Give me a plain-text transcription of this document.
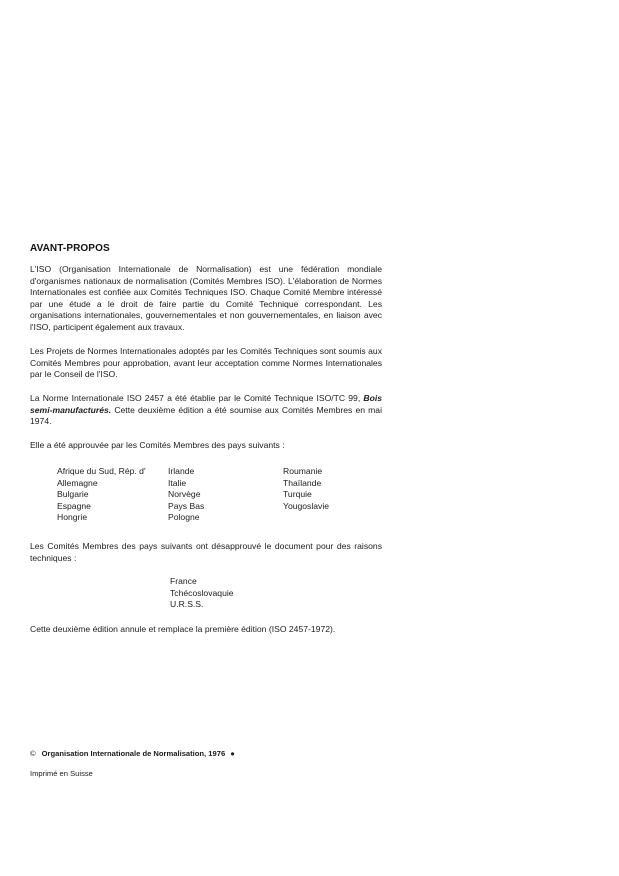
AVANT-PROPOS

L'ISO (Organisation Internationale de Normalisation) est une fédération mondiale d'organismes nationaux de normalisation (Comités Membres ISO). L'élaboration de Normes Internationales est confiée aux Comités Techniques ISO. Chaque Comité Membre intéressé par une étude a le droit de faire partie du Comité Technique correspondant. Les organisations internationales, gouvernementales et non gouvernementales, en liaison avec l'ISO, participent également aux travaux.

Les Projets de Normes Internationales adoptés par les Comités Techniques sont soumis aux Comités Membres pour approbation, avant leur acceptation comme Normes Internationales par le Conseil de l'ISO.

La Norme Internationale ISO 2457 a été établie par le Comité Technique ISO/TC 99, Bois semi-manufacturés. Cette deuxième édition a été soumise aux Comités Membres en mai 1974.

Elle a été approuvée par les Comités Membres des pays suivants :

Afrique du Sud, Rép. d'
Allemagne
Bulgarie
Espagne
Hongrie
Irlande
Italie
Norvège
Pays Bas
Pologne
Roumanie
Thaïlande
Turquie
Yougoslavie

Les Comités Membres des pays suivants ont désapprouvé le document pour des raisons techniques :

France
Tchécoslovaquie
U.R.S.S.

Cette deuxième édition annule et remplace la première édition (ISO 2457-1972).

© Organisation Internationale de Normalisation, 1976 ●
Imprimé en Suisse
